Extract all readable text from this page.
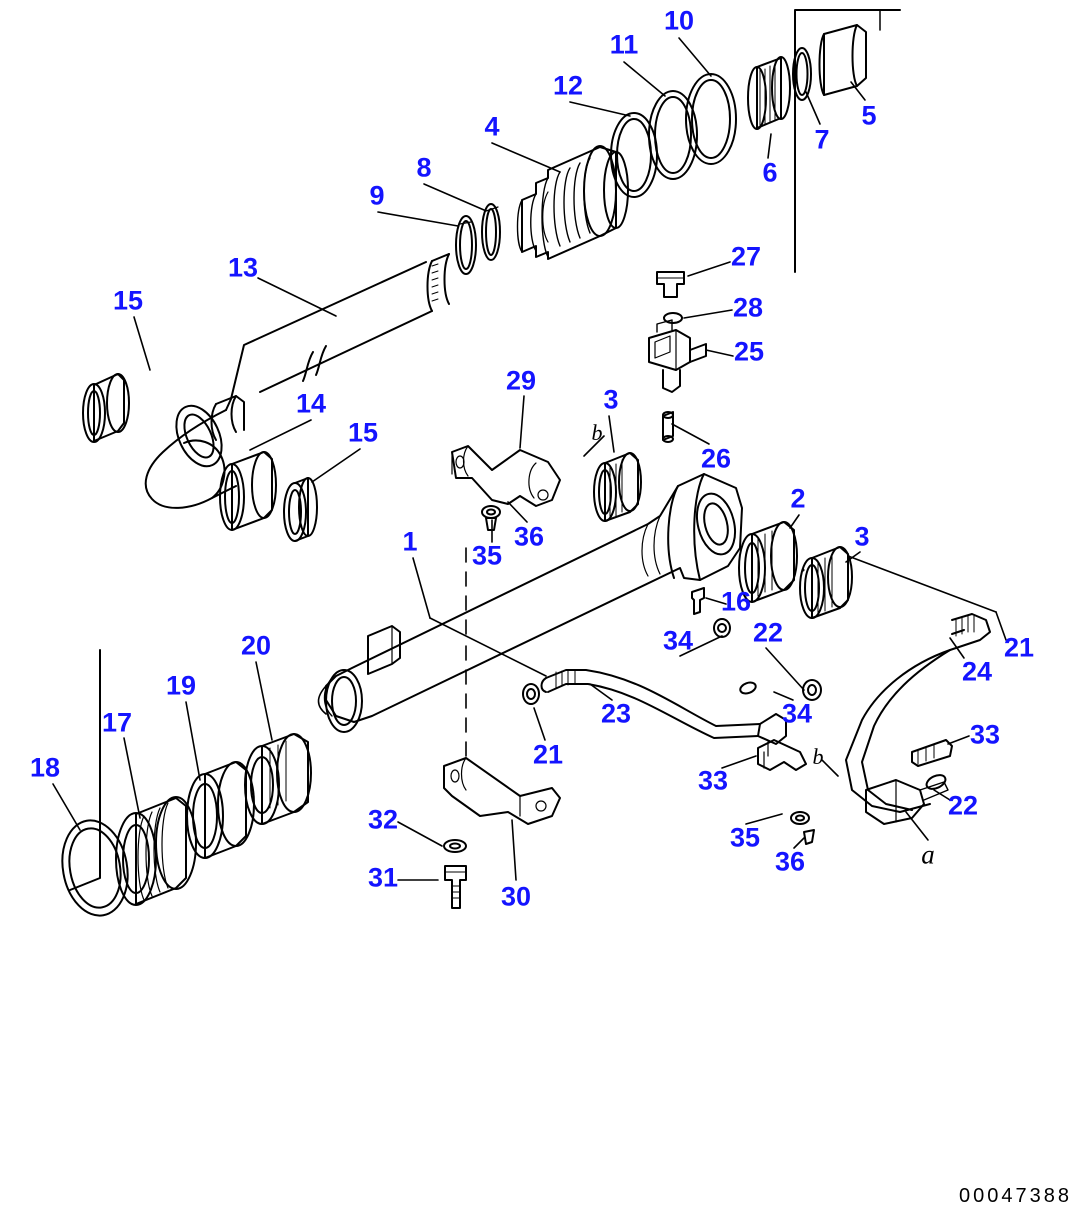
10
11
12
5
7
4
6
8
9
13	27
28
15
25
29
3
14
15
26
2
3
35
36
1
16
21
24
34 22
20
19
17
18
23
21
34
33
33
22
32
35
31
36
30
b
b
a
00047388
